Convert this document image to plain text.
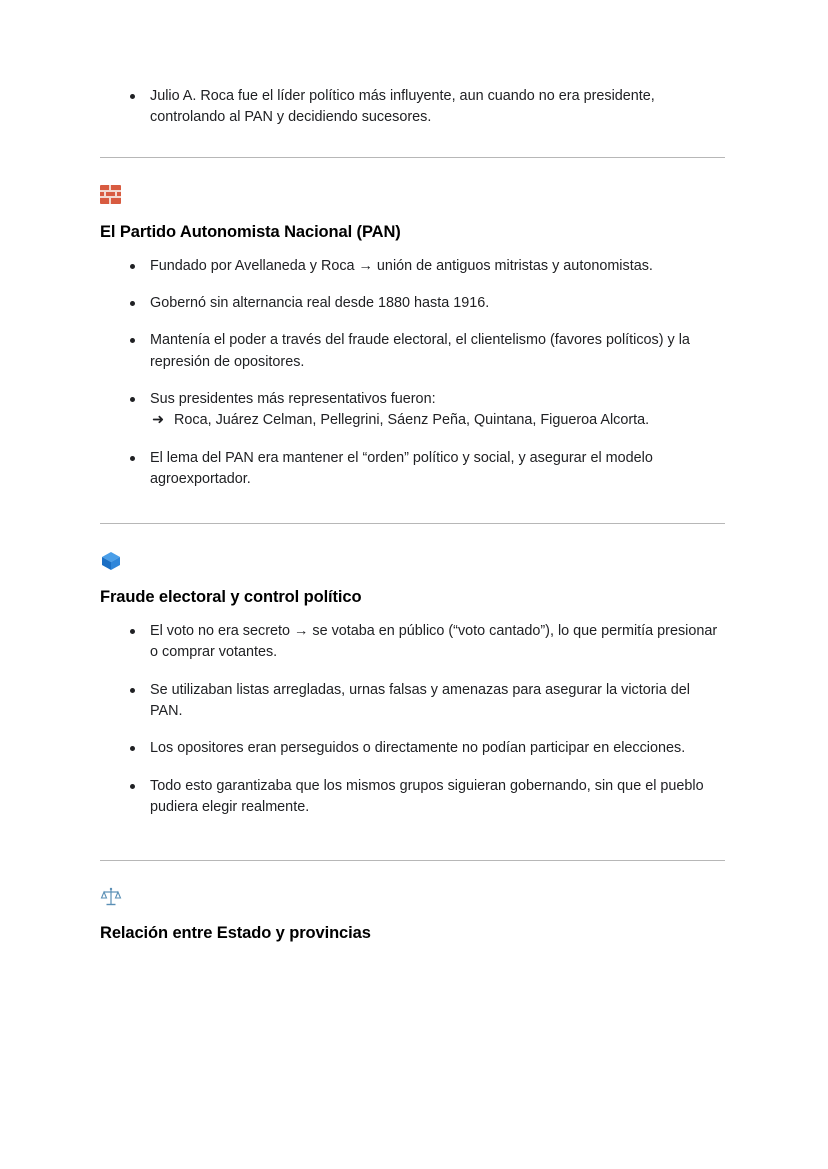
Julio A. Roca fue el líder político más influyente, aun cuando no era presidente, controlando al PAN y decidiendo sucesores.
El Partido Autonomista Nacional (PAN)
Fundado por Avellaneda y Roca → unión de antiguos mitristas y autonomistas.
Gobernó sin alternancia real desde 1880 hasta 1916.
Mantenía el poder a través del fraude electoral, el clientelismo (favores políticos) y la represión de opositores.
Sus presidentes más representativos fueron:
➜ Roca, Juárez Celman, Pellegrini, Sáenz Peña, Quintana, Figueroa Alcorta.
El lema del PAN era mantener el “orden” político y social, y asegurar el modelo agroexportador.
Fraude electoral y control político
El voto no era secreto → se votaba en público (“voto cantado”), lo que permitía presionar o comprar votantes.
Se utilizaban listas arregladas, urnas falsas y amenazas para asegurar la victoria del PAN.
Los opositores eran perseguidos o directamente no podían participar en elecciones.
Todo esto garantizaba que los mismos grupos siguieran gobernando, sin que el pueblo pudiera elegir realmente.
Relación entre Estado y provincias
